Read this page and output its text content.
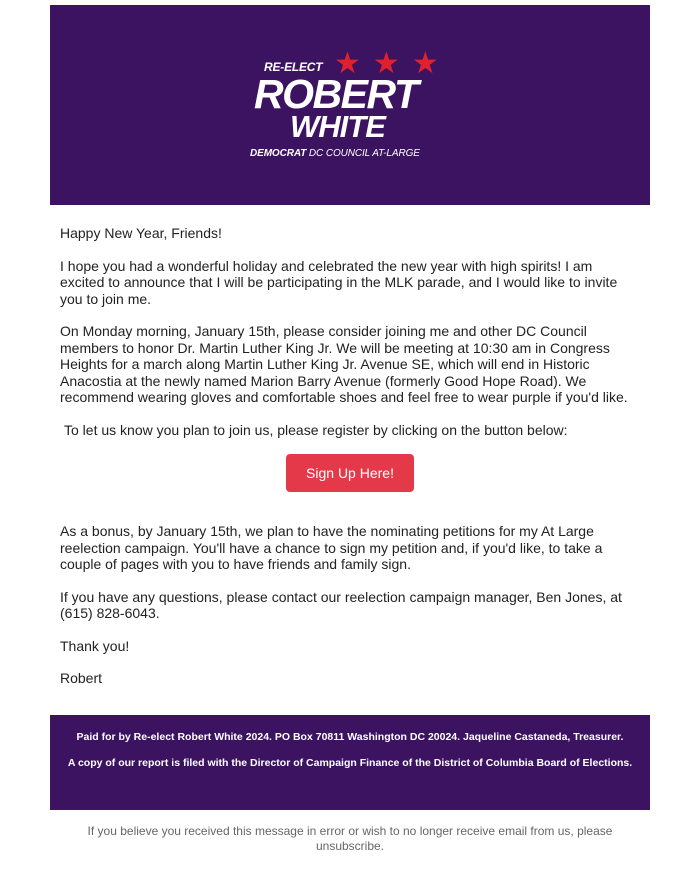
RE-ELECT ★ ★ ★
ROBERT
WHITE
DEMOCRAT DC COUNCIL AT-LARGE

Happy New Year, Friends!

I hope you had a wonderful holiday and celebrated the new year with high spirits! I am excited to announce that I will be participating in the MLK parade, and I would like to invite you to join me.

On Monday morning, January 15th, please consider joining me and other DC Council members to honor Dr. Martin Luther King Jr. We will be meeting at 10:30 am in Congress Heights for a march along Martin Luther King Jr. Avenue SE, which will end in Historic Anacostia at the newly named Marion Barry Avenue (formerly Good Hope Road). We recommend wearing gloves and comfortable shoes and feel free to wear purple if you'd like.

To let us know you plan to join us, please register by clicking on the button below:

Sign Up Here!

As a bonus, by January 15th, we plan to have the nominating petitions for my At Large reelection campaign. You'll have a chance to sign my petition and, if you'd like, to take a couple of pages with you to have friends and family sign.

If you have any questions, please contact our reelection campaign manager, Ben Jones, at (615) 828-6043.

Thank you!

Robert

Paid for by Re-elect Robert White 2024. PO Box 70811 Washington DC 20024. Jaqueline Castaneda, Treasurer.

A copy of our report is filed with the Director of Campaign Finance of the District of Columbia Board of Elections.

If you believe you received this message in error or wish to no longer receive email from us, please unsubscribe.
